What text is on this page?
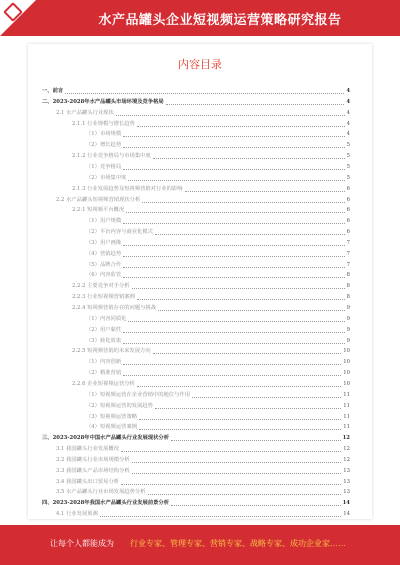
水产品罐头企业短视频运营策略研究报告
内容目录
一、前言	4
二、2023-2028年水产品罐头市场环境及竞争格局	4
2.1 水产品罐头行业现状	4
2.1.1 行业规模与增长趋势	4
（1）市场规模	4
（2）增长趋势	5
2.1.2 行业竞争格局与市场集中度	5
（1）竞争格局	5
（2）市场集中度	5
2.1.3 行业发展趋势及短视频营销对行业的影响	6
2.2 水产品罐头短视频营销现状分析	6
2.2.1 短视频平台概况	6
（1）用户规模	6
（2）平台内容与商业化模式	6
（3）用户画像	7
（4）营销趋势	7
（5）品牌合作	7
（6）内容监管	8
2.2.2 主要竞争对手分析	8
2.2.3 行业短视频营销案例	8
2.2.4 短视频营销存在的问题与挑战	9
（1）内容同质化	9
（2）用户黏性	9
（3）转化效果	9
2.2.5 短视频营销的未来发展方向	10
（1）内容创新	10
（2）精准营销	10
2.2.6 企业短视频运营分析	10
（1）短视频运营在企业营销中的地位与作用	11
（2）短视频运营的发展趋势	11
（3）短视频运营策略	11
（4）短视频运营案例	11
三、2023-2028年中国水产品罐头行业发展现状分析	12
3.1 我国罐头行业发展概况	12
3.2 我国罐头行业市场规模分析	12
3.3 我国罐头产品市场结构分析	13
3.4 我国罐头出口贸易分析	13
3.5 水产品罐头行业市场发展趋势分析	13
四、2023-2028年我国水产品罐头行业发展前景分析	14
4.1 行业发展预测	14
让每个人都能成为 行业专家、管理专家、营销专家、战略专家、成功企业家……
